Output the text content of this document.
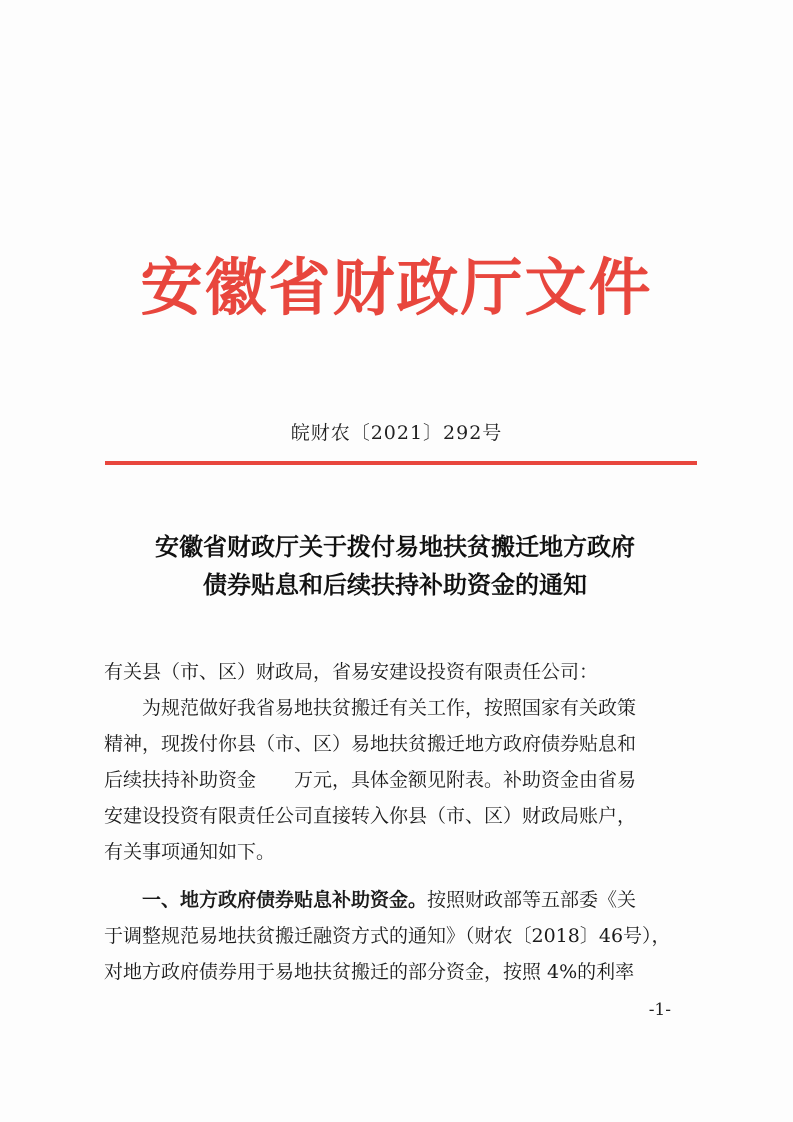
安徽省财政厅文件
皖财农〔2021〕292号
安徽省财政厅关于拨付易地扶贫搬迁地方政府
债券贴息和后续扶持补助资金的通知
有关县（市、区）财政局，省易安建设投资有限责任公司：
为规范做好我省易地扶贫搬迁有关工作，按照国家有关政策
精神，现拨付你县（市、区）易地扶贫搬迁地方政府债券贴息和
后续扶持补助资金　　万元，具体金额见附表。补助资金由省易
安建设投资有限责任公司直接转入你县（市、区）财政局账户，
有关事项通知如下。
一、地方政府债券贴息补助资金。按照财政部等五部委《关
于调整规范易地扶贫搬迁融资方式的通知》（财农〔2018〕46号），
对地方政府债券用于易地扶贫搬迁的部分资金，按照 4%的利率
-1-
